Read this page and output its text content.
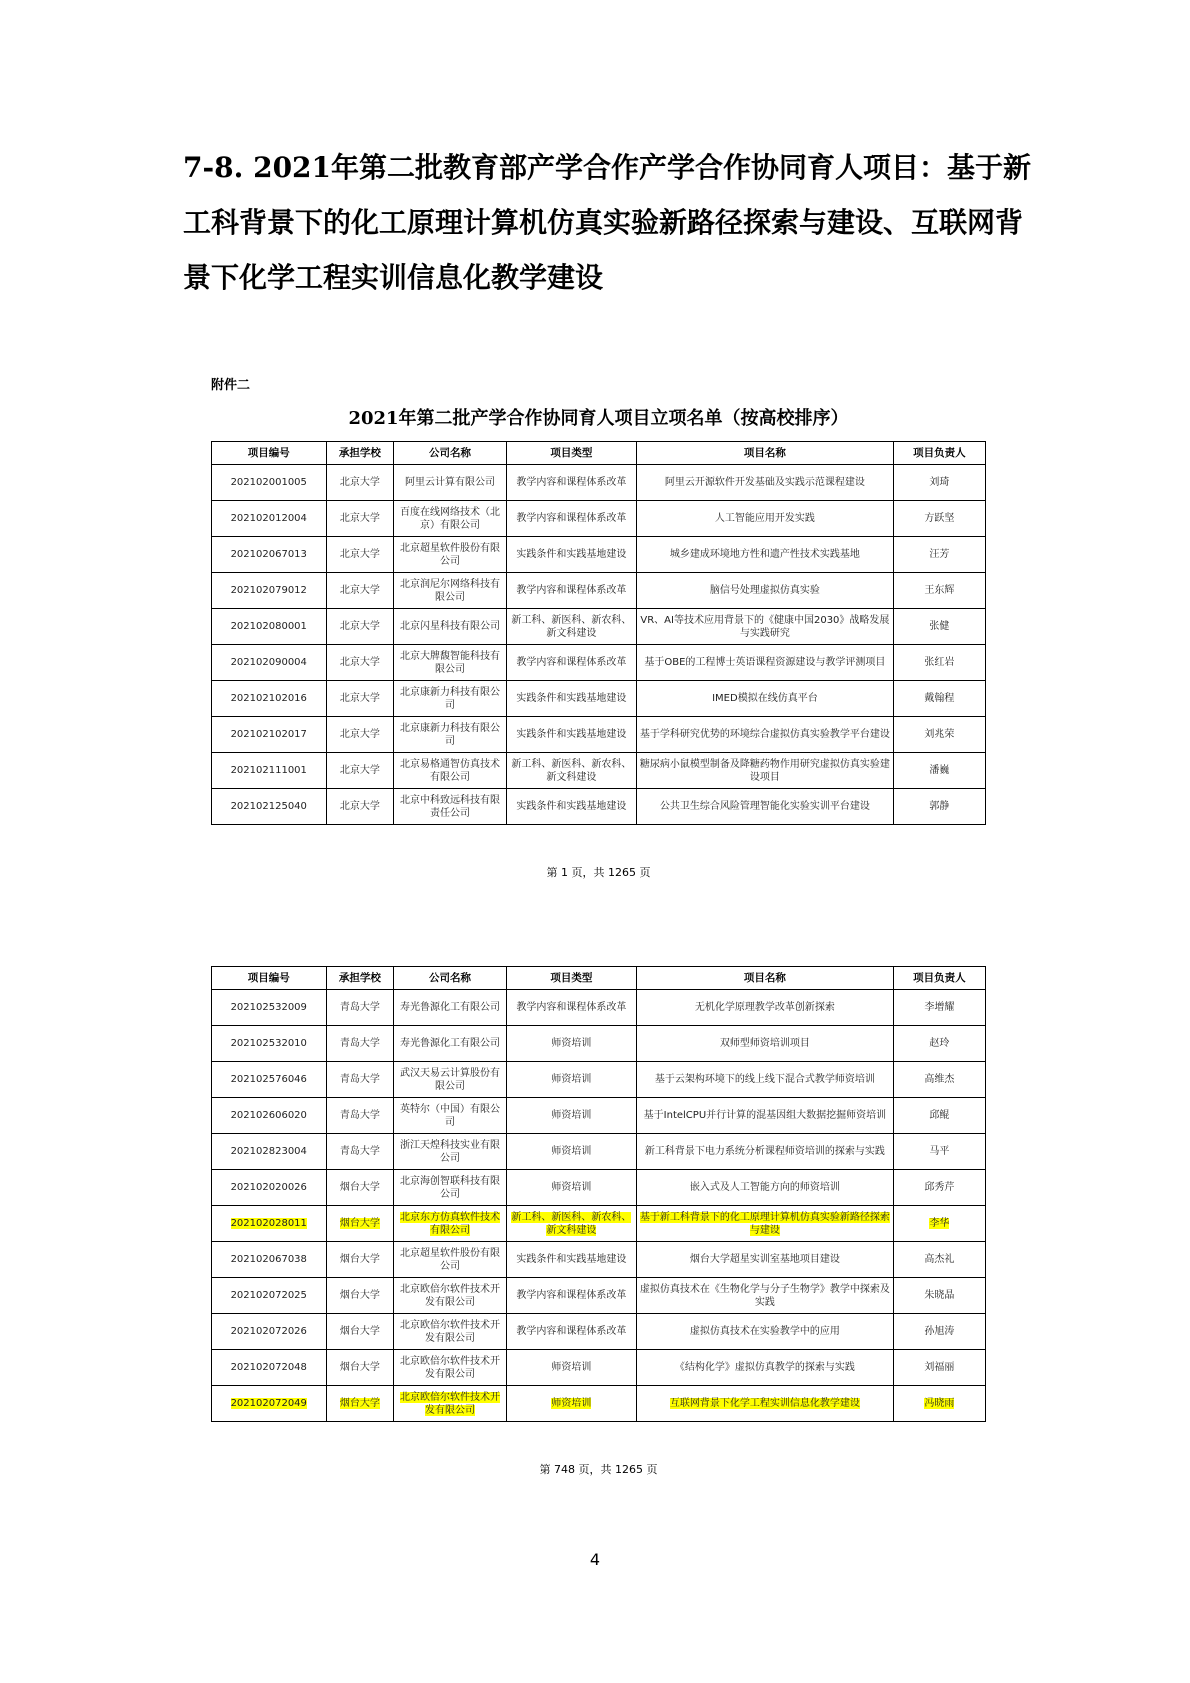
7-8. 2021年第二批教育部产学合作产学合作协同育人项目：基于新工科背景下的化工原理计算机仿真实验新路径探索与建设、互联网背景下化学工程实训信息化教学建设
附件二
2021年第二批产学合作协同育人项目立项名单（按高校排序）
项目编号	承担学校	公司名称	项目类型	项目名称	项目负责人
202102001005	北京大学	阿里云计算有限公司	教学内容和课程体系改革	阿里云开源软件开发基础及实践示范课程建设	刘琦
202102012004	北京大学	百度在线网络技术（北京）有限公司	教学内容和课程体系改革	人工智能应用开发实践	方跃坚
202102067013	北京大学	北京超星软件股份有限公司	实践条件和实践基地建设	城乡建成环境地方性和遗产性技术实践基地	汪芳
202102079012	北京大学	北京润尼尔网络科技有限公司	教学内容和课程体系改革	脑信号处理虚拟仿真实验	王东辉
202102080001	北京大学	北京闪星科技有限公司	新工科、新医科、新农科、新文科建设	VR、AI等技术应用背景下的《健康中国2030》战略发展与实践研究	张健
202102090004	北京大学	北京大牌馥智能科技有限公司	教学内容和课程体系改革	基于OBE的工程博士英语课程资源建设与教学评测项目	张红岩
202102102016	北京大学	北京康新力科技有限公司	实践条件和实践基地建设	IMED模拟在线仿真平台	戴翰程
202102102017	北京大学	北京康新力科技有限公司	实践条件和实践基地建设	基于学科研究优势的环境综合虚拟仿真实验教学平台建设	刘兆荣
202102111001	北京大学	北京易格通智仿真技术有限公司	新工科、新医科、新农科、新文科建设	糖尿病小鼠模型制备及降糖药物作用研究虚拟仿真实验建设项目	潘巍
202102125040	北京大学	北京中科致远科技有限责任公司	实践条件和实践基地建设	公共卫生综合风险管理智能化实验实训平台建设	郭静
第 1 页，共 1265 页
项目编号	承担学校	公司名称	项目类型	项目名称	项目负责人
202102532009	青岛大学	寿光鲁源化工有限公司	教学内容和课程体系改革	无机化学原理教学改革创新探索	李增耀
202102532010	青岛大学	寿光鲁源化工有限公司	师资培训	双师型师资培训项目	赵玲
202102576046	青岛大学	武汉天易云计算股份有限公司	师资培训	基于云架构环境下的线上线下混合式教学师资培训	高维杰
202102606020	青岛大学	英特尔（中国）有限公司	师资培训	基于IntelCPU并行计算的混基因组大数据挖掘师资培训	邱鲲
202102823004	青岛大学	浙江天煌科技实业有限公司	师资培训	新工科背景下电力系统分析课程师资培训的探索与实践	马平
202102020026	烟台大学	北京海创智联科技有限公司	师资培训	嵌入式及人工智能方向的师资培训	邱秀芹
202102028011	烟台大学	北京东方仿真软件技术有限公司	新工科、新医科、新农科、新文科建设	基于新工科背景下的化工原理计算机仿真实验新路径探索与建设	李华
202102067038	烟台大学	北京超星软件股份有限公司	实践条件和实践基地建设	烟台大学超星实训室基地项目建设	高杰礼
202102072025	烟台大学	北京欧倍尔软件技术开发有限公司	教学内容和课程体系改革	虚拟仿真技术在《生物化学与分子生物学》教学中探索及实践	朱晓晶
202102072026	烟台大学	北京欧倍尔软件技术开发有限公司	教学内容和课程体系改革	虚拟仿真技术在实验教学中的应用	孙旭涛
202102072048	烟台大学	北京欧倍尔软件技术开发有限公司	师资培训	《结构化学》虚拟仿真教学的探索与实践	刘福丽
202102072049	烟台大学	北京欧倍尔软件技术开发有限公司	师资培训	互联网背景下化学工程实训信息化教学建设	冯晓雨
第 748 页，共 1265 页
4
